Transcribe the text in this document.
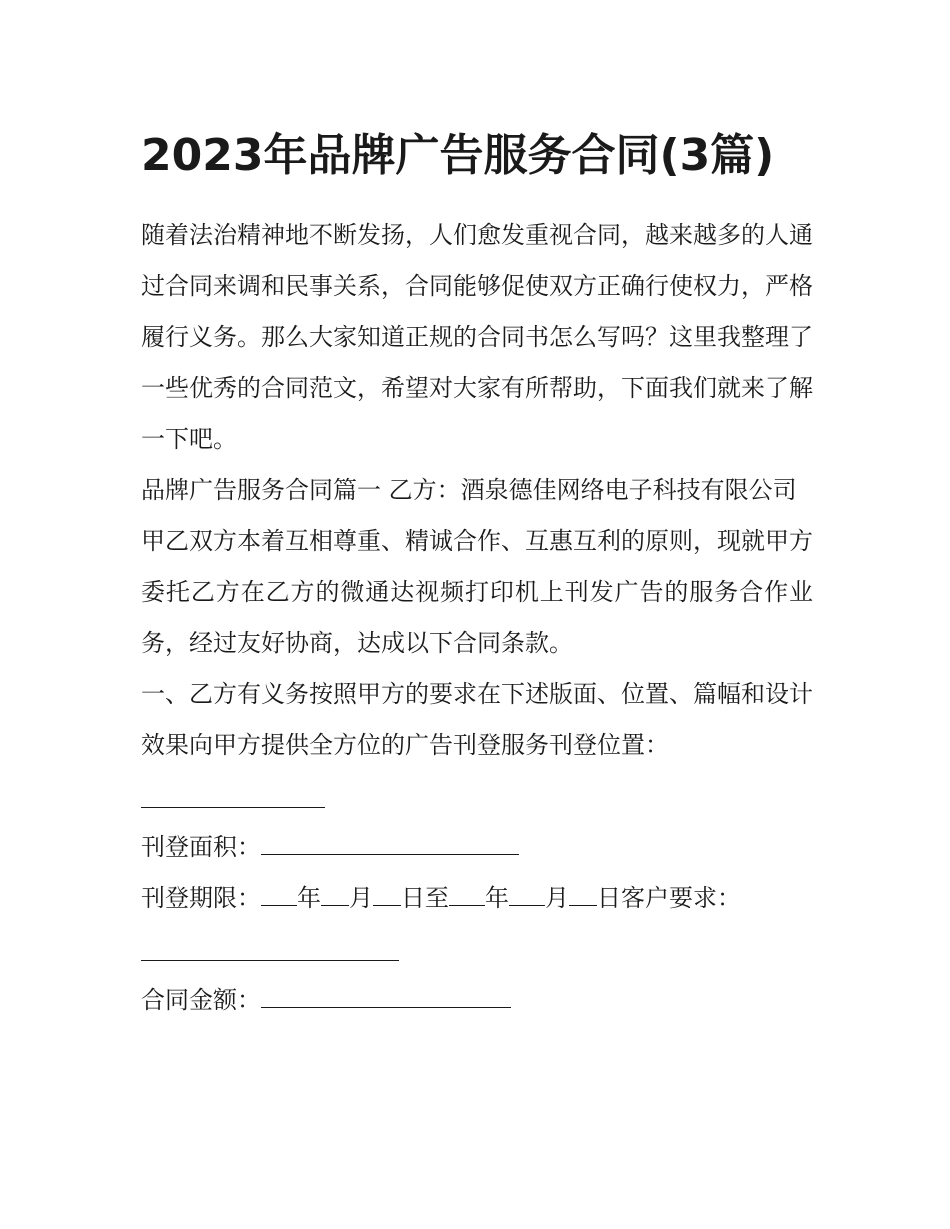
2023年品牌广告服务合同(3篇)

随着法治精神地不断发扬，人们愈发重视合同，越来越多的人通过合同来调和民事关系，合同能够促使双方正确行使权力，严格履行义务。那么大家知道正规的合同书怎么写吗？这里我整理了一些优秀的合同范文，希望对大家有所帮助，下面我们就来了解一下吧。

品牌广告服务合同篇一 乙方：酒泉德佳网络电子科技有限公司

甲乙双方本着互相尊重、精诚合作、互惠互利的原则，现就甲方委托乙方在乙方的微通达视频打印机上刊发广告的服务合作业务，经过友好协商，达成以下合同条款。

一、乙方有义务按照甲方的要求在下述版面、位置、篇幅和设计效果向甲方提供全方位的广告刊登服务刊登位置：

刊登面积：

刊登期限： 年 月 日至 年 月 日客户要求：

合同金额：
